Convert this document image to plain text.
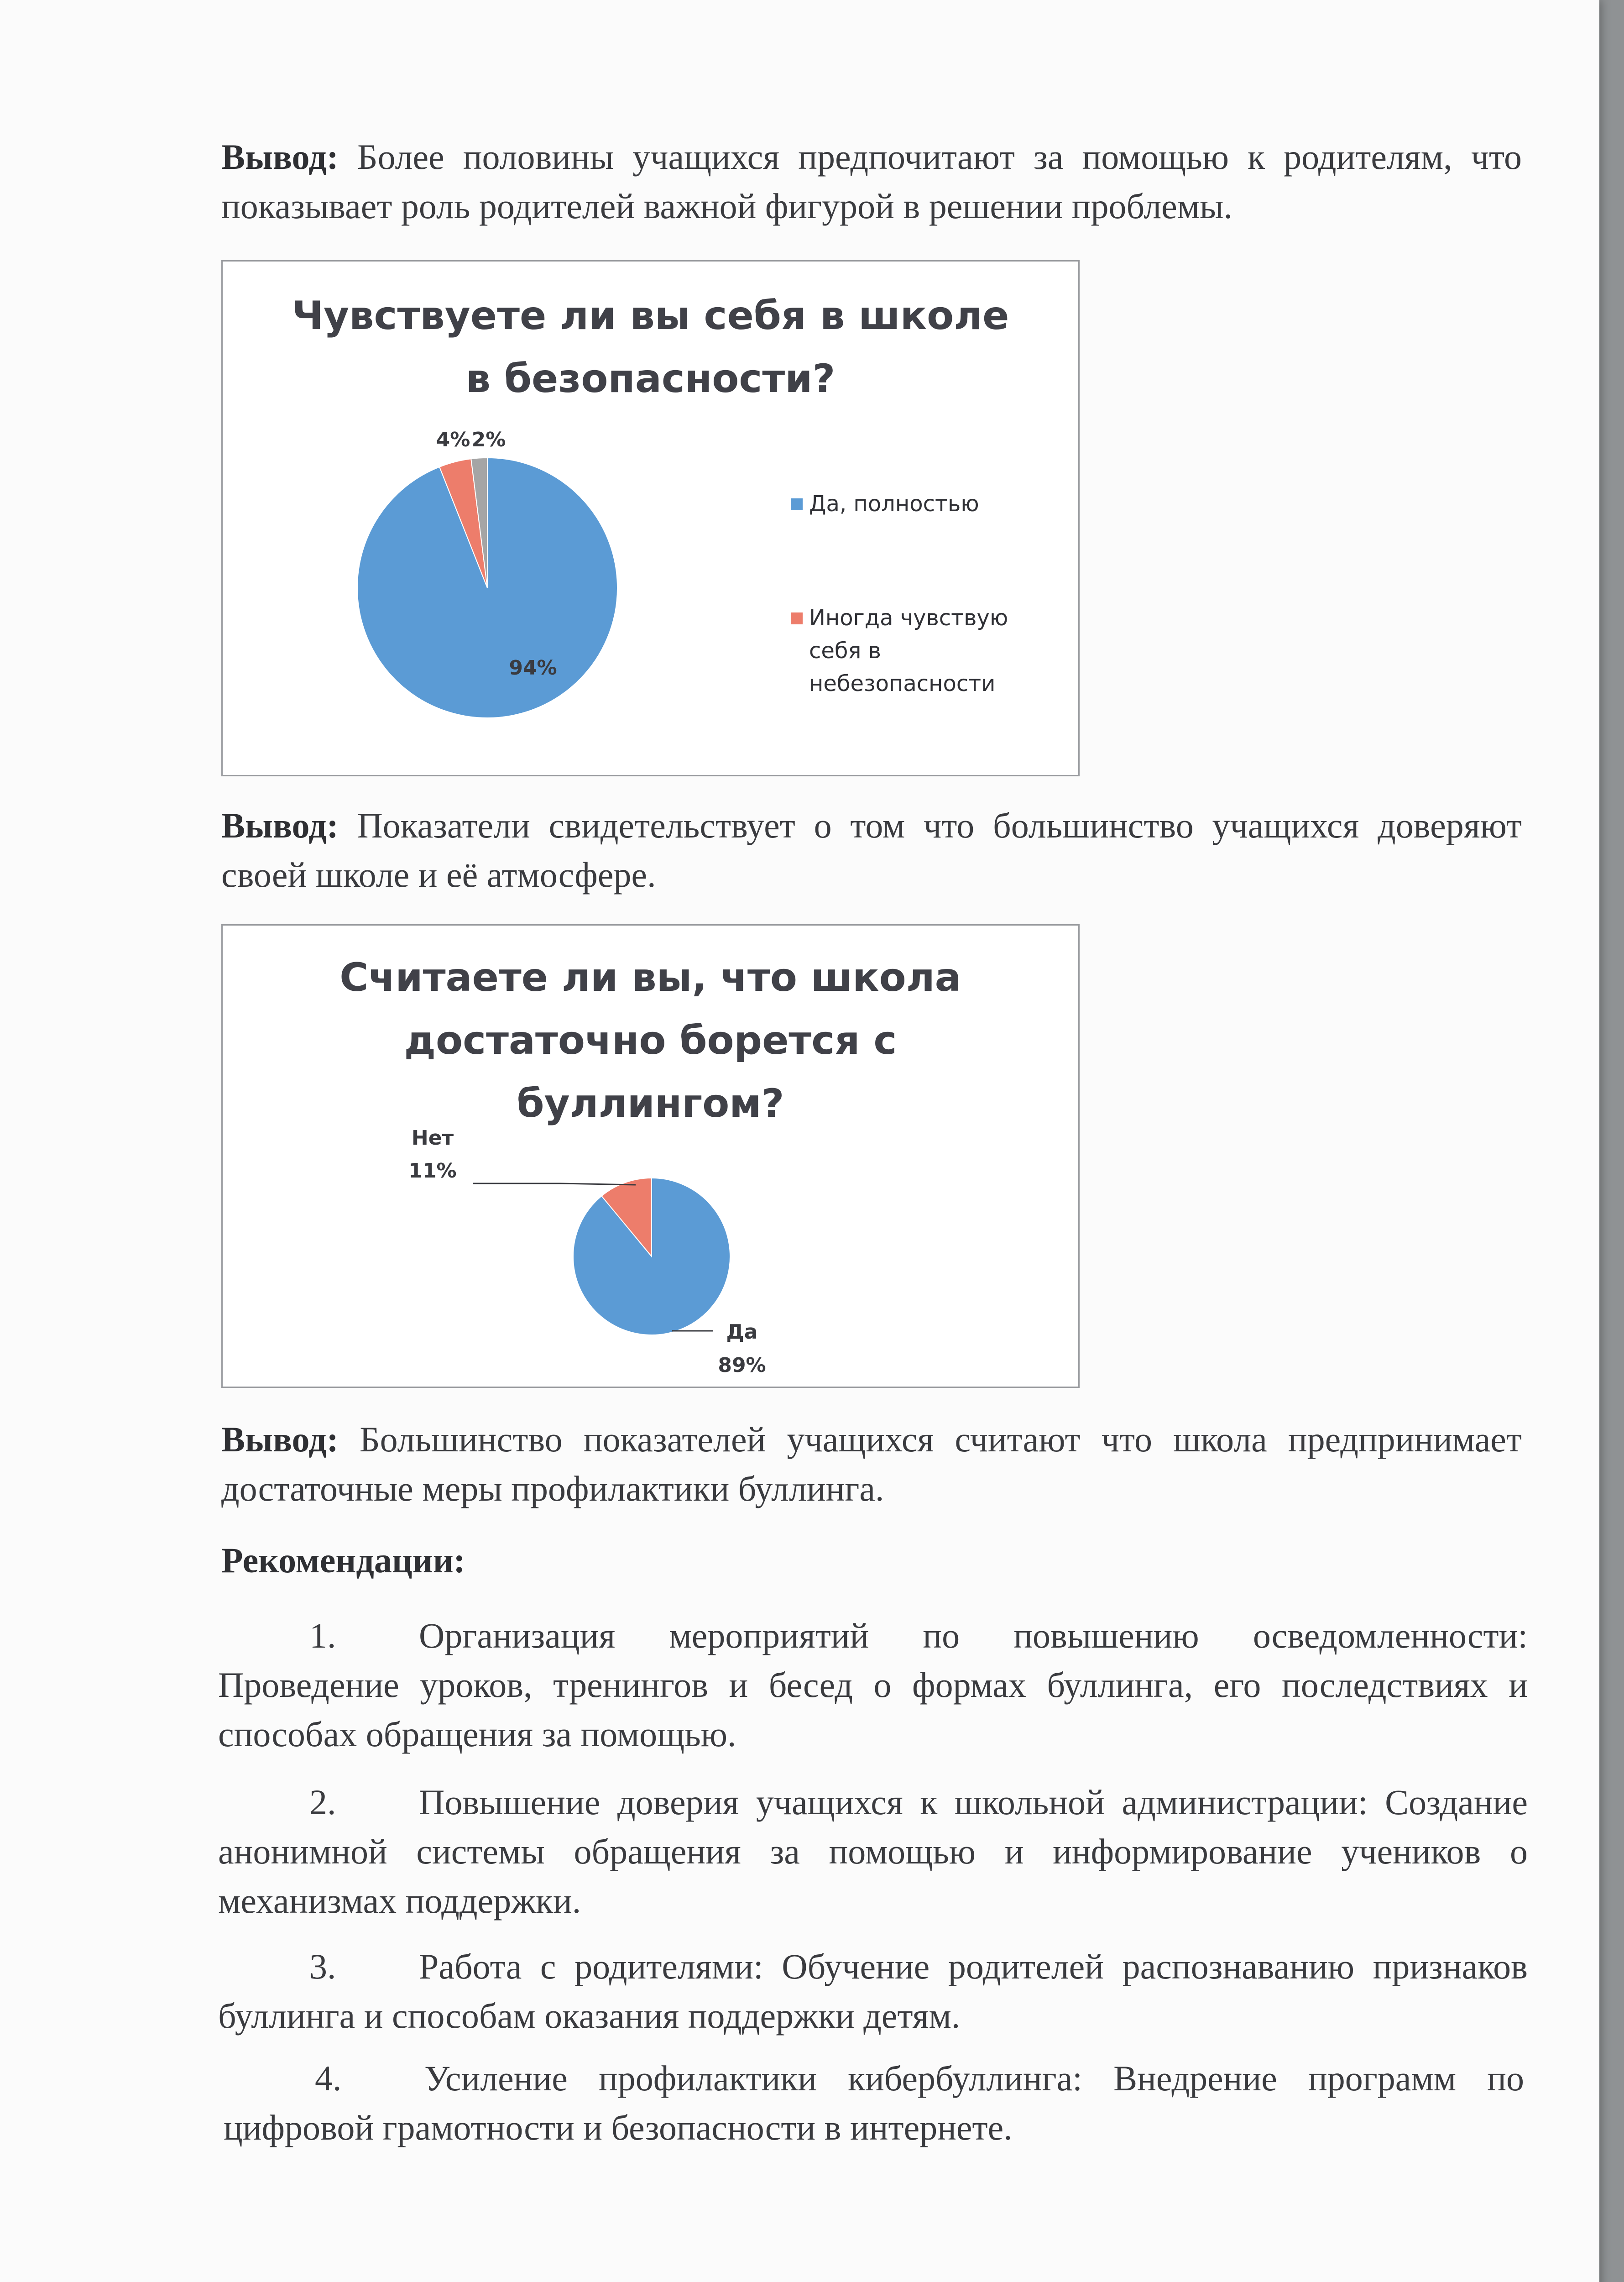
Вывод: Более половины учащихся предпочитают за помощью к родителям, что показывает роль родителей важной фигурой в решении проблемы.
Чувствуете ли вы себя в школе
в безопасности?
94%
4% 2%
Да, полностью
Иногда чувствую
себя в
небезопасности
Вывод: Показатели свидетельствует о том что большинство учащихся доверяют своей школе и её атмосфере.
Считаете ли вы, что школа
достаточно борется с
буллингом?
Нет
11%
Да
89%
Вывод: Большинство показателей учащихся считают что школа предпринимает достаточные меры профилактики буллинга.
Рекомендации:
1. Организация мероприятий по повышению осведомленности: Проведение уроков, тренингов и бесед о формах буллинга, его последствиях и способах обращения за помощью.
2. Повышение доверия учащихся к школьной администрации: Создание анонимной системы обращения за помощью и информирование учеников о механизмах поддержки.
3. Работа с родителями: Обучение родителей распознаванию признаков буллинга и способам оказания поддержки детям.
4. Усиление профилактики кибербуллинга: Внедрение программ по цифровой грамотности и безопасности в интернете.
